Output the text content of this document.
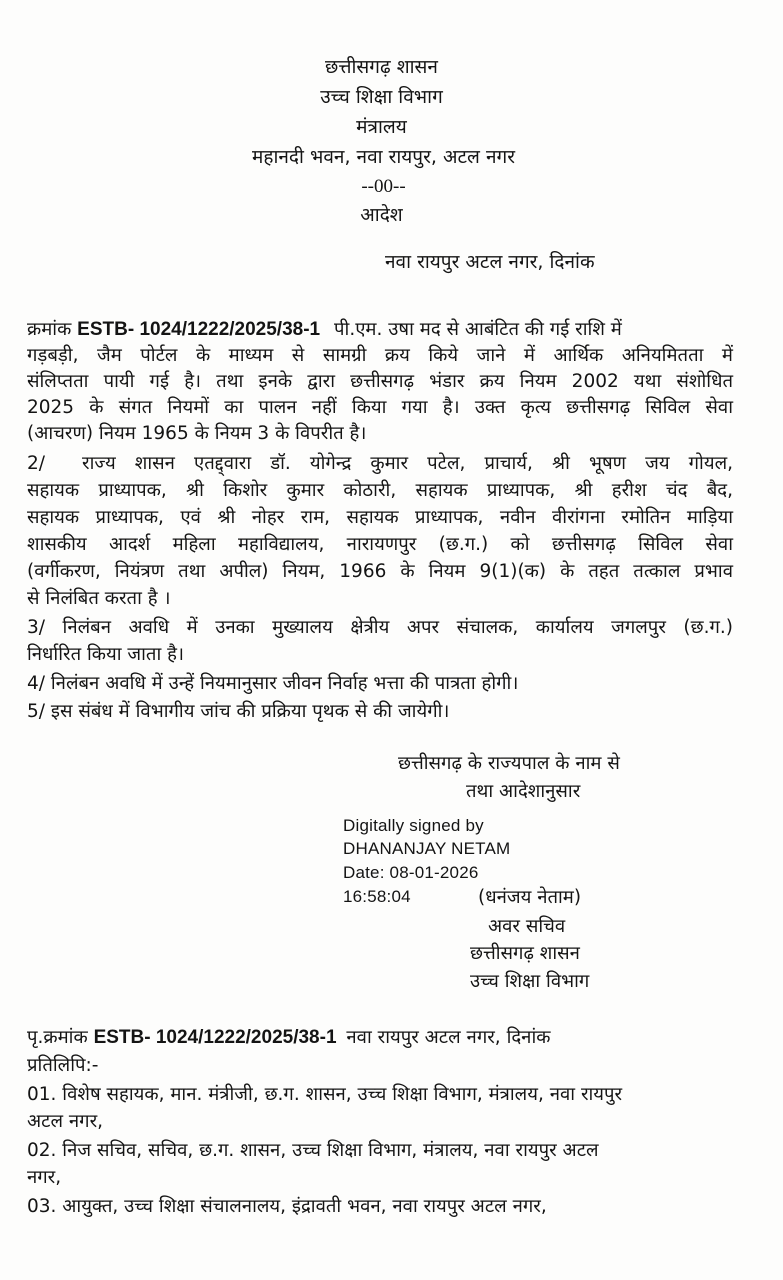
छत्तीसगढ़ शासन
उच्च शिक्षा विभाग
मंत्रालय
महानदी भवन, नवा रायपुर, अटल नगर
--00--
आदेश
नवा रायपुर अटल नगर, दिनांक
क्रमांक ESTB- 1024/1222/2025/38-1 पी.एम. उषा मद से आबंटित की गई राशि में
गड़बड़ी, जैम पोर्टल के माध्यम से सामग्री क्रय किये जाने में आर्थिक अनियमितता में
संलिप्तता पायी गई है। तथा इनके द्वारा छत्तीसगढ़ भंडार क्रय नियम 2002 यथा संशोधित
2025 के संगत नियमों का पालन नहीं किया गया है। उक्त कृत्य छत्तीसगढ़ सिविल सेवा
(आचरण) नियम 1965 के नियम 3 के विपरीत है।
2/ राज्य शासन एतद्द्वारा डॉ. योगेन्द्र कुमार पटेल, प्राचार्य, श्री भूषण जय गोयल,
सहायक प्राध्यापक, श्री किशोर कुमार कोठारी, सहायक प्राध्यापक, श्री हरीश चंद बैद,
सहायक प्राध्यापक, एवं श्री नोहर राम, सहायक प्राध्यापक, नवीन वीरांगना रमोतिन माड़िया
शासकीय आदर्श महिला महाविद्यालय, नारायणपुर (छ.ग.) को छत्तीसगढ़ सिविल सेवा
(वर्गीकरण, नियंत्रण तथा अपील) नियम, 1966 के नियम 9(1)(क) के तहत तत्काल प्रभाव
से निलंबित करता है ।
3/ निलंबन अवधि में उनका मुख्यालय क्षेत्रीय अपर संचालक, कार्यालय जगलपुर (छ.ग.)
निर्धारित किया जाता है।
4/ निलंबन अवधि में उन्हें नियमानुसार जीवन निर्वाह भत्ता की पात्रता होगी।
5/ इस संबंध में विभागीय जांच की प्रक्रिया पृथक से की जायेगी।
छत्तीसगढ़ के राज्यपाल के नाम से
तथा आदेशानुसार
Digitally signed by
DHANANJAY NETAM
Date: 08-01-2026
16:58:04	(धनंजय नेताम)
अवर सचिव
छत्तीसगढ़ शासन
उच्च शिक्षा विभाग
पृ.क्रमांक ESTB- 1024/1222/2025/38-1 नवा रायपुर अटल नगर, दिनांक
प्रतिलिपि:-
01. विशेष सहायक, मान. मंत्रीजी, छ.ग. शासन, उच्च शिक्षा विभाग, मंत्रालय, नवा रायपुर
अटल नगर,
02. निज सचिव, सचिव, छ.ग. शासन, उच्च शिक्षा विभाग, मंत्रालय, नवा रायपुर अटल
नगर,
03. आयुक्त, उच्च शिक्षा संचालनालय, इंद्रावती भवन, नवा रायपुर अटल नगर,
